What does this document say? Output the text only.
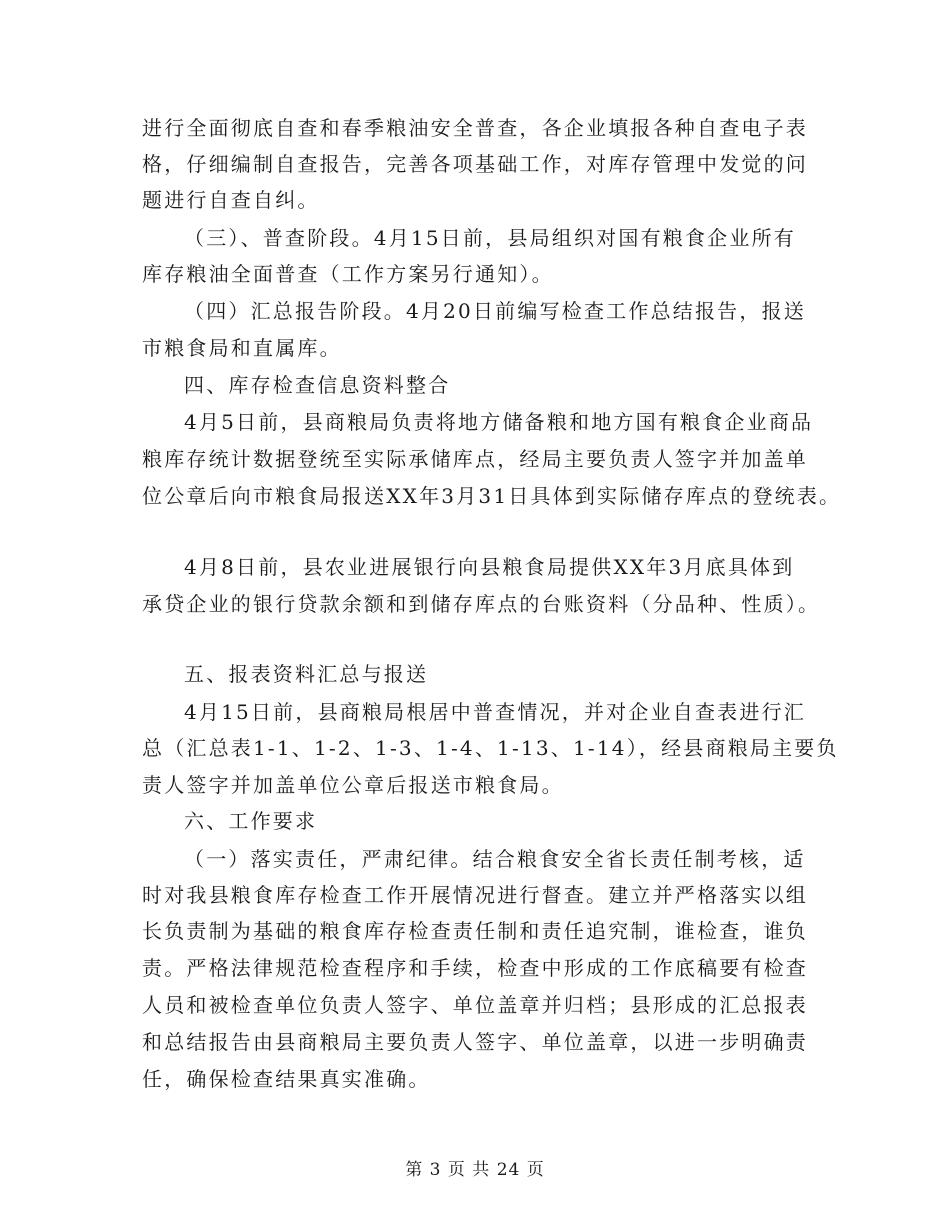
进行全面彻底自查和春季粮油安全普查，各企业填报各种自查电子表
格，仔细编制自查报告，完善各项基础工作，对库存管理中发觉的问
题进行自查自纠。
（三）、普查阶段。4月15日前，县局组织对国有粮食企业所有
库存粮油全面普查（工作方案另行通知）。
（四）汇总报告阶段。4月20日前编写检查工作总结报告，报送
市粮食局和直属库。
四、库存检查信息资料整合
4月5日前，县商粮局负责将地方储备粮和地方国有粮食企业商品
粮库存统计数据登统至实际承储库点，经局主要负责人签字并加盖单
位公章后向市粮食局报送XX年3月31日具体到实际储存库点的登统表。
4月8日前，县农业进展银行向县粮食局提供XX年3月底具体到
承贷企业的银行贷款余额和到储存库点的台账资料（分品种、性质）。
五、报表资料汇总与报送
4月15日前，县商粮局根居中普查情况，并对企业自查表进行汇
总（汇总表1-1、1-2、1-3、1-4、1-13、1-14），经县商粮局主要负
责人签字并加盖单位公章后报送市粮食局。
六、工作要求
（一）落实责任，严肃纪律。结合粮食安全省长责任制考核，适
时对我县粮食库存检查工作开展情况进行督查。建立并严格落实以组
长负责制为基础的粮食库存检查责任制和责任追究制，谁检查，谁负
责。严格法律规范检查程序和手续，检查中形成的工作底稿要有检查
人员和被检查单位负责人签字、单位盖章并归档；县形成的汇总报表
和总结报告由县商粮局主要负责人签字、单位盖章，以进一步明确责
任，确保检查结果真实准确。
第 3 页 共 24 页
